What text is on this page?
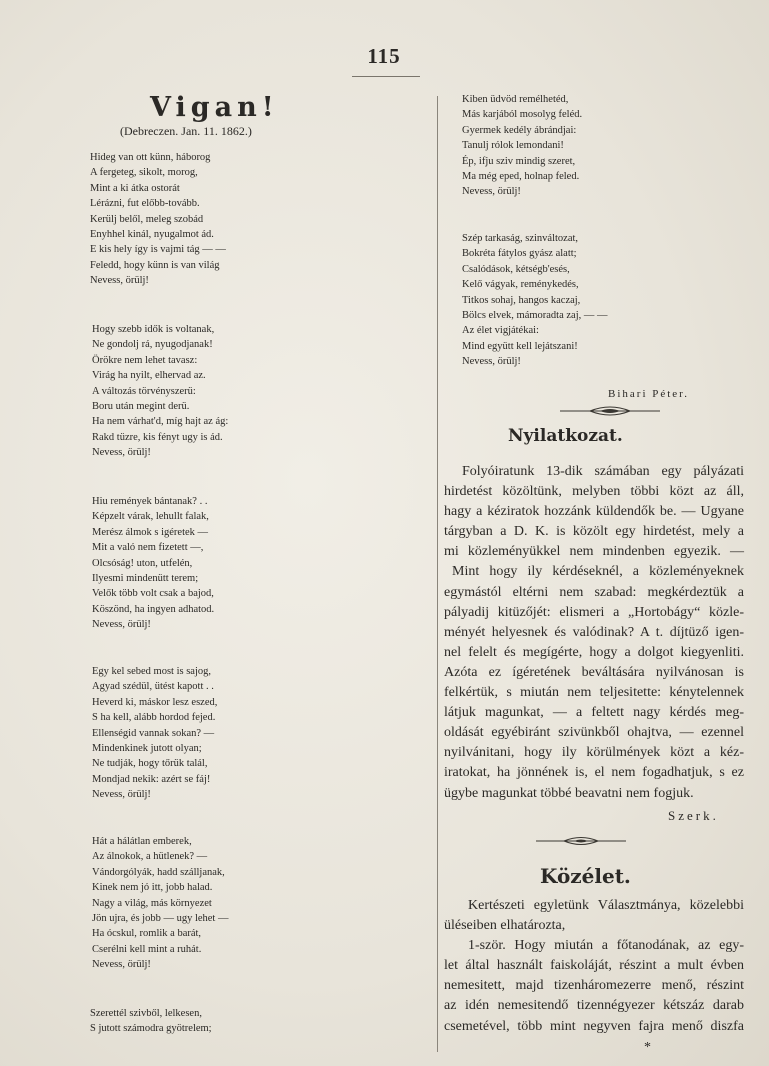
115
Vigan!
(Debreczen. Jan. 11. 1862.)
Hideg van ott künn, háborog
A fergeteg, sikolt, morog,
Mint a ki átka ostorát
Lérázni, fut előbb-tovább.
Kerülj belől, meleg szobád
Enyhhel kinál, nyugalmot ád.
E kis hely így is vajmi tág — —
Feledd, hogy künn is van világ
Nevess, örülj!
Hogy szebb idők is voltanak,
Ne gondolj rá, nyugodjanak!
Örökre nem lehet tavasz:
Virág ha nyilt, elhervad az.
A változás törvényszerü:
Boru után megint derü.
Ha nem várhat'd, míg hajt az ág:
Rakd tüzre, kis fényt ugy is ád.
Nevess, örülj!
Hiu remények bántanak? . .
Képzelt várak, lehullt falak,
Merész álmok s igéretek —
Mit a való nem fizetett —,
Olcsóság! uton, utfelén,
Ilyesmi mindenütt terem;
Velők több volt csak a bajod,
Köszönd, ha ingyen adhatod.
Nevess, örülj!
Egy kel sebed most is sajog,
Agyad szédül, ütést kapott . .
Heverd ki, máskor lesz eszed,
S ha kell, alább hordod fejed.
Ellenségid vannak sokan? —
Mindenkinek jutott olyan;
Ne tudják, hogy tőrük talál,
Mondjad nekik: azért se fáj!
Nevess, örülj!
Hát a hálátlan emberek,
Az álnokok, a hütlenek? —
Vándorgólyák, hadd szálljanak,
Kinek nem jó itt, jobb halad.
Nagy a világ, más környezet
Jön ujra, és jobb — ugy lehet —
Ha ócskul, romlik a barát,
Cserélni kell mint a ruhát.
Nevess, örülj!
Szerettél szivből, lelkesen,
S jutott számodra gyötrelem;
Kiben üdvöd remélhetéd,
Más karjából mosolyg feléd.
Gyermek kedély ábrándjai:
Tanulj rólok lemondani!
Ép, ifju sziv mindig szeret,
Ma még eped, holnap feled.
Nevess, örülj!
Szép tarkaság, szinváltozat,
Bokréta fátylos gyász alatt;
Csalódások, kétségb'esés,
Kelő vágyak, reménykedés,
Titkos sohaj, hangos kaczaj,
Bölcs elvek, mámoradta zaj, — —
Az élet vigjátékai:
Mind együtt kell lejátszani!
Nevess, örülj!
Bihari Péter.
Nyilatkozat.
Folyóiratunk 13-dik számában egy pályázati
hirdetést közöltünk, melyben többi közt az áll,
hagy a kéziratok hozzánk küldendők be. — Ugyane
tárgyban a D. K. is közölt egy hirdetést, mely a
mi közleményükkel nem mindenben egyezik. —
Mint hogy ily kérdéseknél, a közleményeknek
egymástól eltérni nem szabad: megkérdeztük a
pályadij kitüzőjét: elismeri a „Hortobágy“ közle-
ményét helyesnek és valódinak? A t. díjtüző igen-
nel felelt és megígérte, hogy a dolgot kiegyenliti.
Azóta ez ígéretének beváltására nyilvánosan is
felkértük, s miután nem teljesitette: kénytelennek
látjuk magunkat, — a feltett nagy kérdés meg-
oldását egyébiránt szivünkből ohajtva, — ezennel
nyilvánitani, hogy ily körülmények közt a kéz-
iratokat, ha jönnének is, el nem fogadhatjuk, s ez
ügybe magunkat többé beavatni nem fogjuk.
Szerk.
Közélet.
Kertészeti egyletünk Választmánya, közelebbi
üléseiben elhatározta,
1-ször. Hogy miután a főtanodának, az egy-
let által használt faiskoláját, részint a mult évben
nemesitett, majd tizenháromezerre menő, részint
az idén nemesitendő tizennégyezer kétszáz darab
csemetével, több mint negyven fajra menő diszfa
*
